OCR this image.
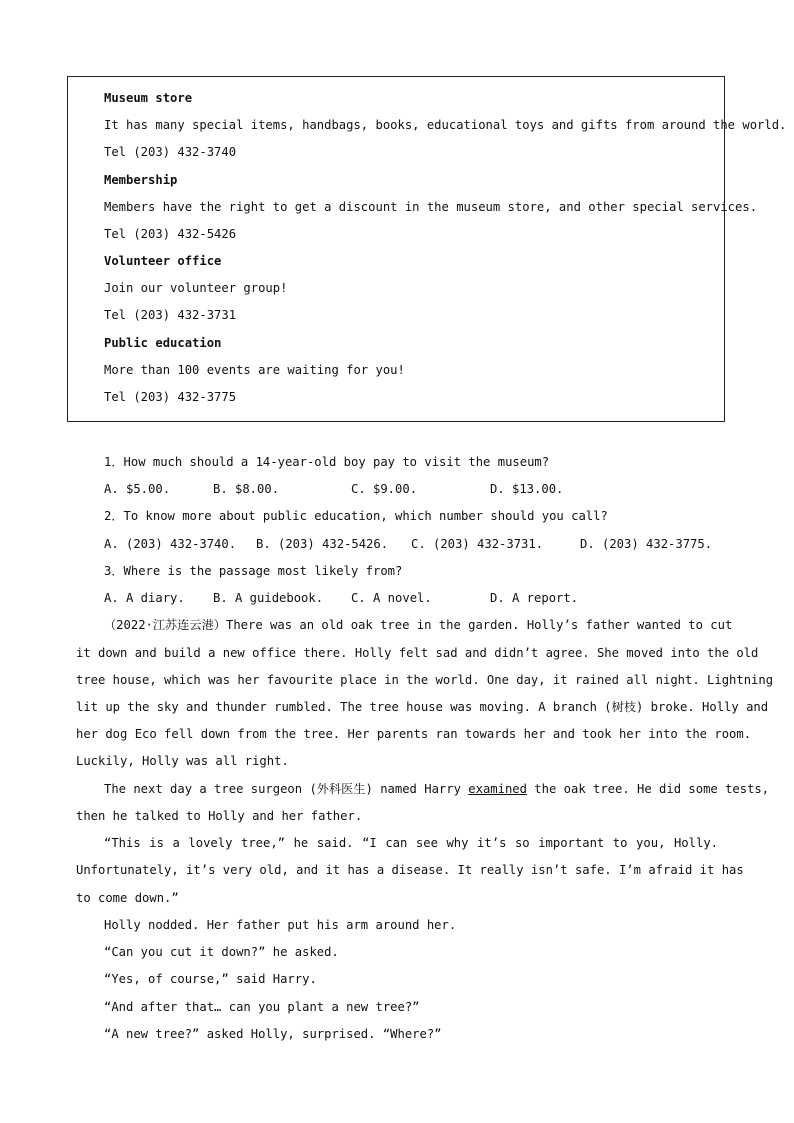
Museum store
It has many special items, handbags, books, educational toys and gifts from around the world.
Tel (203) 432-3740
Membership
Members have the right to get a discount in the museum store, and other special services.
Tel (203) 432-5426
Volunteer office
Join our volunteer group!
Tel (203) 432-3731
Public education
More than 100 events are waiting for you!
Tel (203) 432-3775
1．How much should a 14-year-old boy pay to visit the museum?
A. $5.00.	B. $8.00.	C. $9.00.	D. $13.00.
2．To know more about public education, which number should you call?
A. (203) 432-3740. B. (203) 432-5426. C. (203) 432-3731.	D. (203) 432-3775.
3．Where is the passage most likely from?
A. A diary. B. A guidebook. C. A novel.	D. A report.
（2022·江苏连云港）There was an old oak tree in the garden. Holly’s father wanted to cut
it down and build a new office there. Holly felt sad and didn’t agree. She moved into the old
tree house, which was her favourite place in the world. One day, it rained all night. Lightning
lit up the sky and thunder rumbled. The tree house was moving. A branch (树枝) broke. Holly and
her dog Eco fell down from the tree. Her parents ran towards her and took her into the room.
Luckily, Holly was all right.
The next day a tree surgeon (外科医生) named Harry examined the oak tree. He did some tests,
then he talked to Holly and her father.
“This is a lovely tree,” he said. “I can see why it’s so important to you, Holly.
Unfortunately, it’s very old, and it has a disease. It really isn’t safe. I’m afraid it has
to come down.”
Holly nodded. Her father put his arm around her.
“Can you cut it down?” he asked.
“Yes, of course,” said Harry.
“And after that… can you plant a new tree?”
“A new tree?” asked Holly, surprised. “Where?”
